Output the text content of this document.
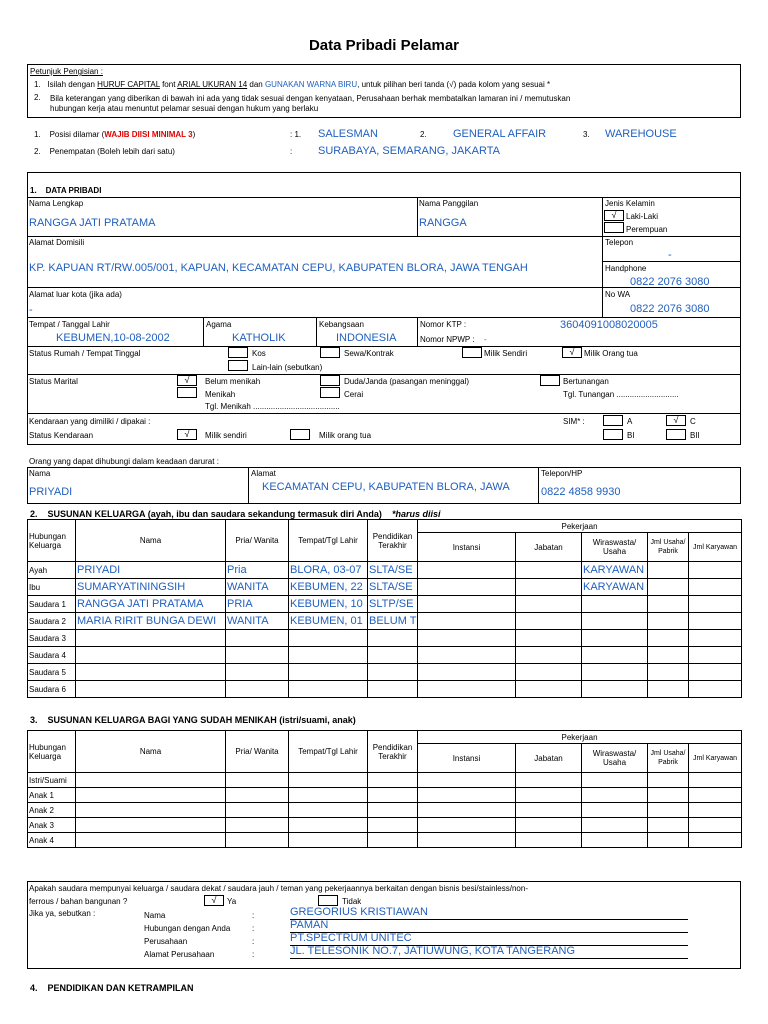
Data Pribadi Pelamar
Petunjuk Pengisian :
1. Isilah dengan HURUF CAPITAL font ARIAL UKURAN 14 dan GUNAKAN WARNA BIRU, untuk pilihan beri tanda (√) pada kolom yang sesuai *
2. Bila keterangan yang diberikan di bawah ini ada yang tidak sesuai dengan kenyataan, Perusahaan berhak membatalkan lamaran ini / memutuskan
hubungan kerja atau menuntut pelamar sesuai dengan hukum yang berlaku
1. Posisi dilamar (WAJIB DIISI MINIMAL 3)	: 1. SALESMAN	2. GENERAL AFFAIR	3. WAREHOUSE
2. Penempatan (Boleh lebih dari satu)	: SURABAYA, SEMARANG, JAKARTA
1. DATA PRIBADI
Nama Lengkap
RANGGA JATI PRATAMA
Nama Panggilan
RANGGA
Jenis Kelamin
√	Laki-Laki
Perempuan
Alamat Domisili
KP. KAPUAN RT/RW.005/001, KAPUAN, KECAMATAN CEPU, KABUPATEN BLORA, JAWA TENGAH
Telepon
-
Handphone
0822 2076 3080
Alamat luar kota (jika ada)
-
No WA
0822 2076 3080
Tempat / Tanggal Lahir
KEBUMEN,10-08-2002
Agama
KATHOLIK
Kebangsaan
INDONESIA
Nomor KTP :	3604091008020005
Nomor NPWP : -
Status Rumah / Tempat Tinggal	Kos	Sewa/Kontrak	Milik Sendiri	√	Milik Orang tua
Lain-lain (sebutkan)
Status Marital	√	Belum menikah	Duda/Janda (pasangan meninggal)	Bertunangan
Menikah	Cerai	Tgl. Tunangan ............................
Tgl. Menikah .......................................
Kendaraan yang dimiliki / dipakai :	SIM* :	A	√	C
Status Kendaraan	√	Milik sendiri	Milik orang tua	BI	BII
Orang yang dapat dihubungi dalam keadaan darurat :
Nama
PRIYADI
Alamat
KECAMATAN CEPU, KABUPATEN BLORA, JAWA
Telepon/HP
0822 4858 9930
2. SUSUNAN KELUARGA (ayah, ibu dan saudara sekandung termasuk diri Anda) *harus diisi
Hubungan Keluarga	Nama	Pria/ Wanita	Tempat/Tgl Lahir	Pendidikan Terakhir	Pekerjaan				
					Instansi	Jabatan	Wiraswasta/ Usaha	Jml Usaha/ Pabrik	Jml Karyawan
Ayah	PRIYADI	Pria	BLORA, 03-07	SLTA/SE			KARYAWAN		
Ibu	SUMARYATININGSIH	WANITA	KEBUMEN, 22	SLTA/SE			KARYAWAN		
Saudara 1	RANGGA JATI PRATAMA	PRIA	KEBUMEN, 10	SLTP/SE					
Saudara 2	MARIA RIRIT BUNGA DEWI	WANITA	KEBUMEN, 01	BELUM T					
Saudara 3									
Saudara 4									
Saudara 5									
Saudara 6									
3. SUSUNAN KELUARGA BAGI YANG SUDAH MENIKAH (istri/suami, anak)
Hubungan Keluarga	Nama	Pria/ Wanita	Tempat/Tgl Lahir	Pendidikan Terakhir	Pekerjaan				
					Instansi	Jabatan	Wiraswasta/ Usaha	Jml Usaha/ Pabrik	Jml Karyawan
Istri/Suami									
Anak 1									
Anak 2									
Anak 3									
Anak 4									
Apakah saudara mempunyai keluarga / saudara dekat / saudara jauh / teman yang pekerjaannya berkaitan dengan bisnis besi/stainless/non-
ferrous / bahan bangunan ?	√	Ya	Tidak
Jika ya, sebutkan :	Nama	:	GREGORIUS KRISTIAWAN
Hubungan dengan Anda	:	PAMAN
Perusahaan	:	PT.SPECTRUM UNITEC
Alamat Perusahaan	:	JL. TELESONIK NO.7, JATIUWUNG, KOTA TANGERANG
4. PENDIDIKAN DAN KETRAMPILAN
